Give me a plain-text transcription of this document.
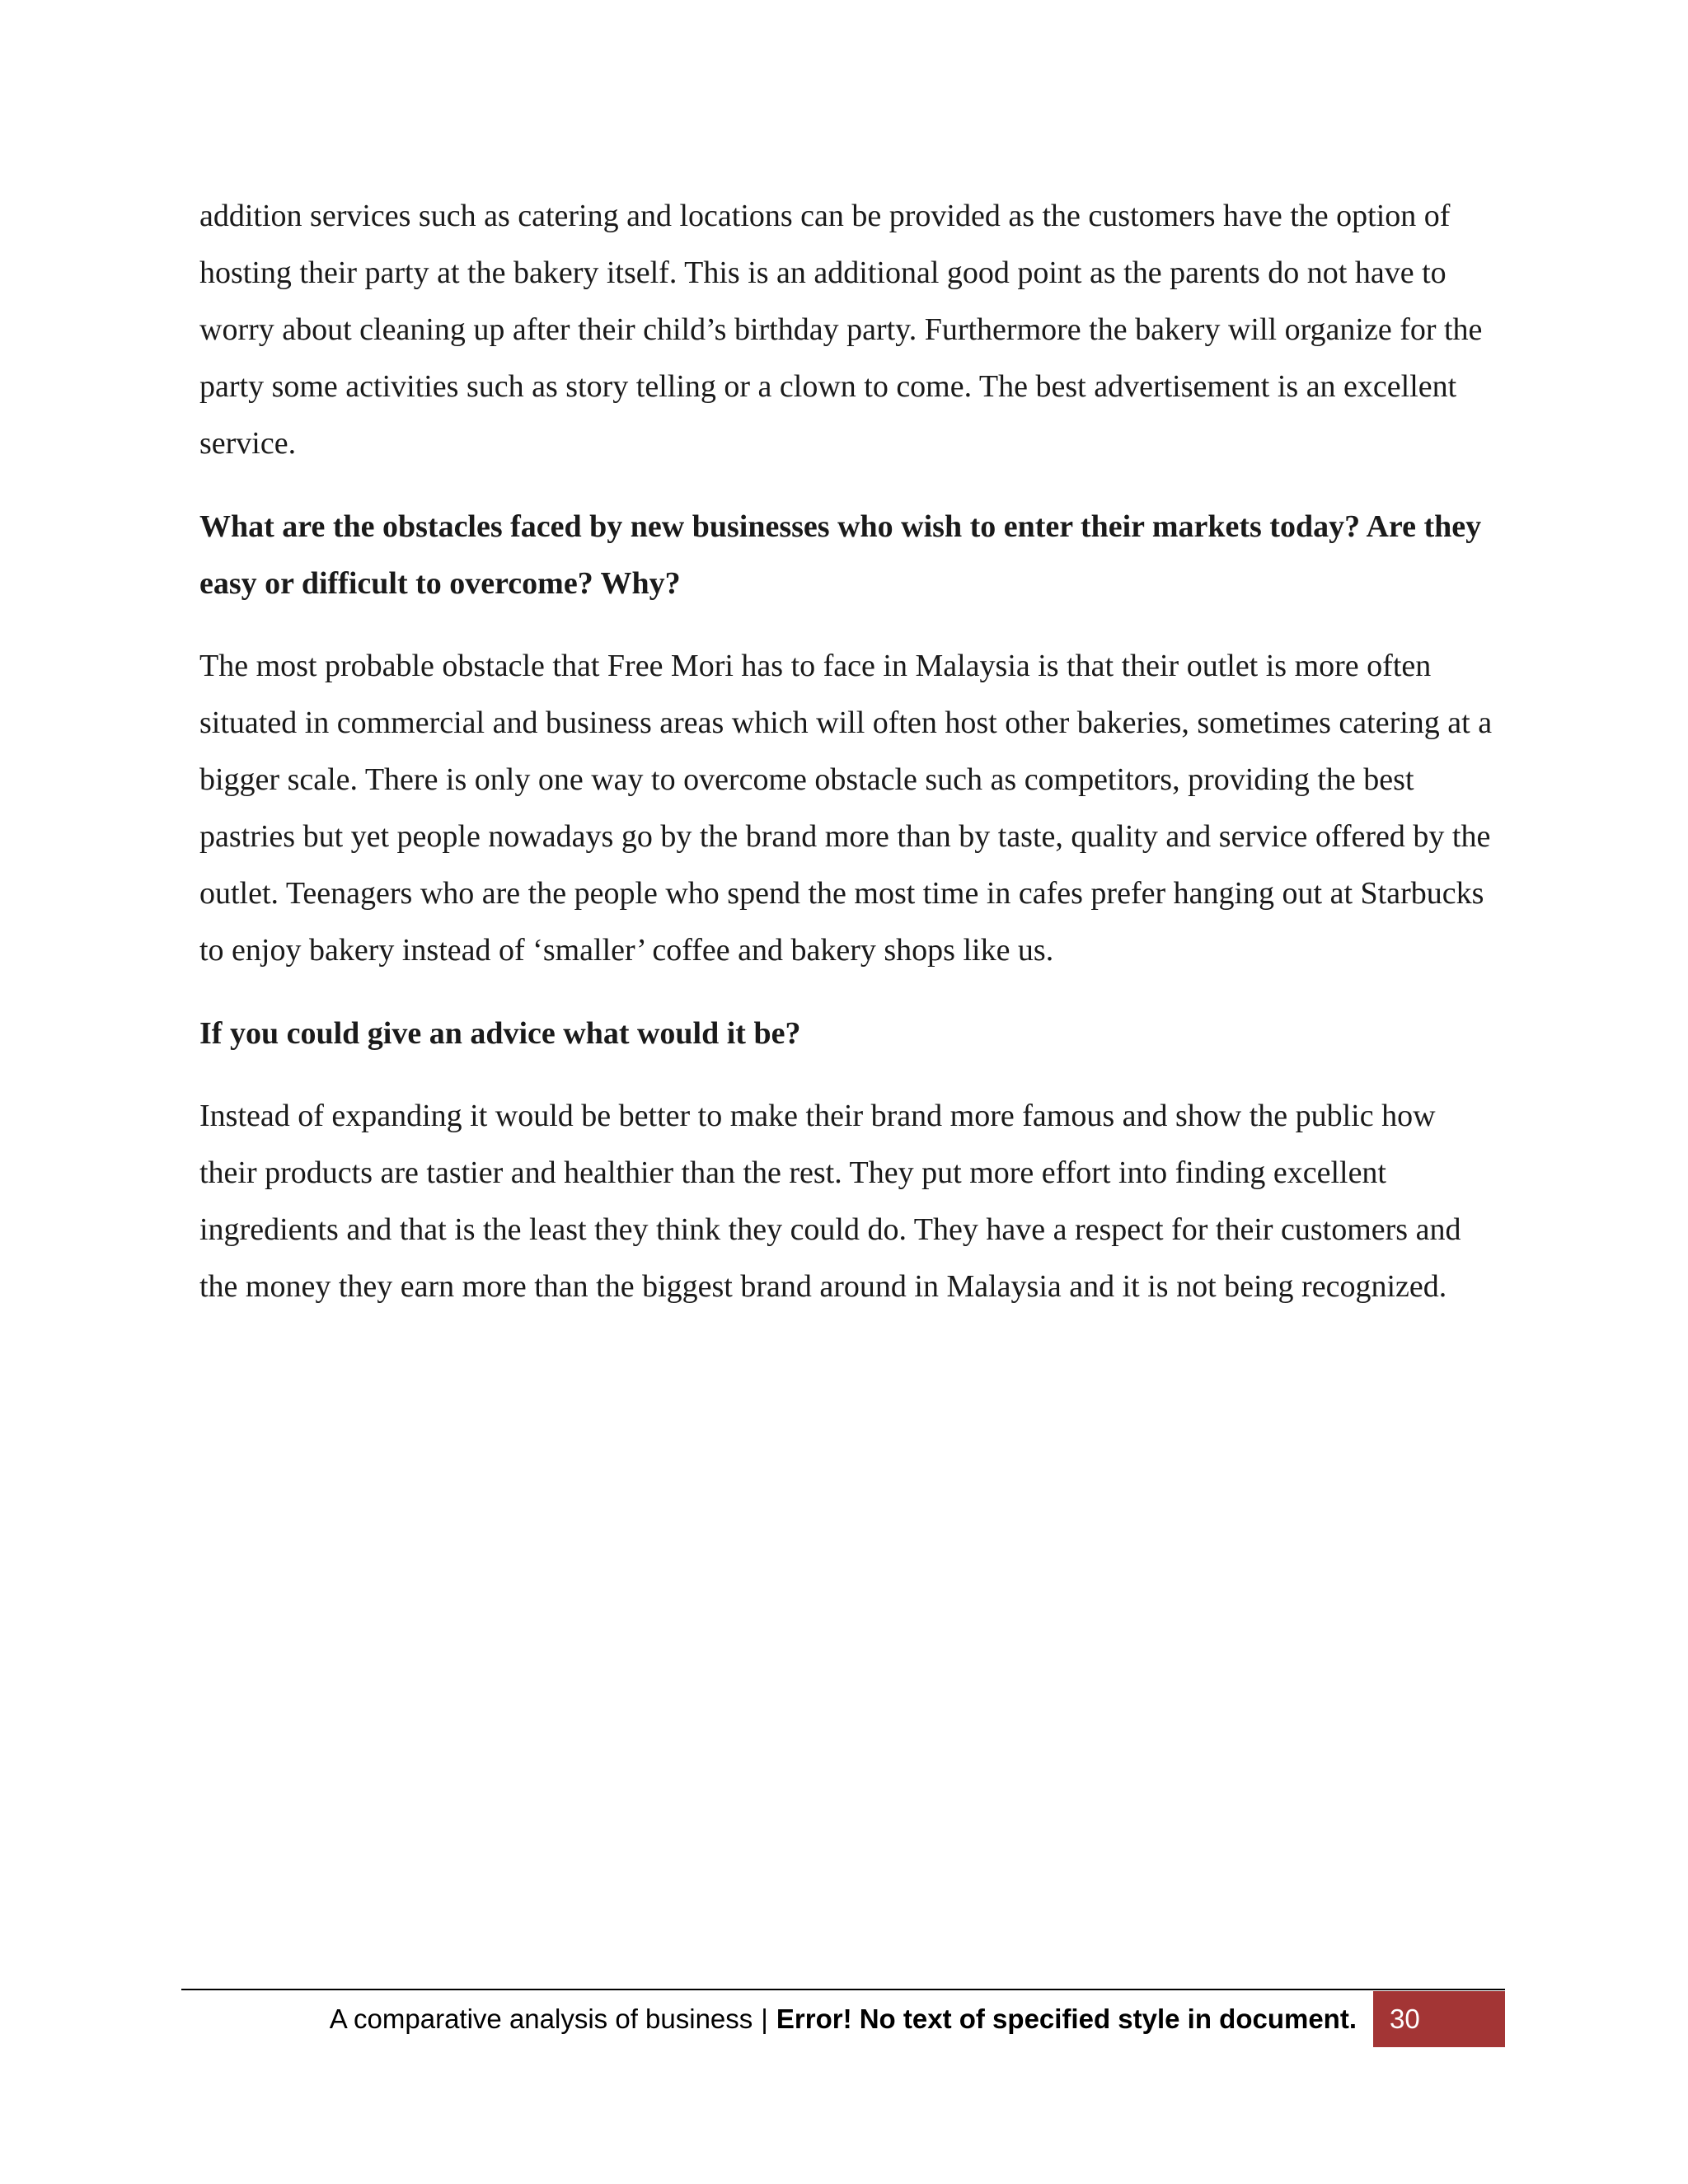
addition services such as catering and locations can be provided as the customers have the option of hosting their party at the bakery itself. This is an additional good point as the parents do not have to worry about cleaning up after their child’s birthday party. Furthermore the bakery will organize for the party some activities such as story telling or a clown to come. The best advertisement is an excellent service.

What are the obstacles faced by new businesses who wish to enter their markets today? Are they easy or difficult to overcome? Why?

The most probable obstacle that Free Mori has to face in Malaysia is that their outlet is more often situated in commercial and business areas which will often host other bakeries, sometimes catering at a bigger scale. There is only one way to overcome obstacle such as competitors, providing the best pastries but yet people nowadays go by the brand more than by taste, quality and service offered by the outlet. Teenagers who are the people who spend the most time in cafes prefer hanging out at Starbucks to enjoy bakery instead of ‘smaller’ coffee and bakery shops like us.

If you could give an advice what would it be?

Instead of expanding it would be better to make their brand more famous and show the public how their products are tastier and healthier than the rest. They put more effort into finding excellent ingredients and that is the least they think they could do. They have a respect for their customers and the money they earn more than the biggest brand around in Malaysia and it is not being recognized.

A comparative analysis of business | Error! No text of specified style in document.	30
